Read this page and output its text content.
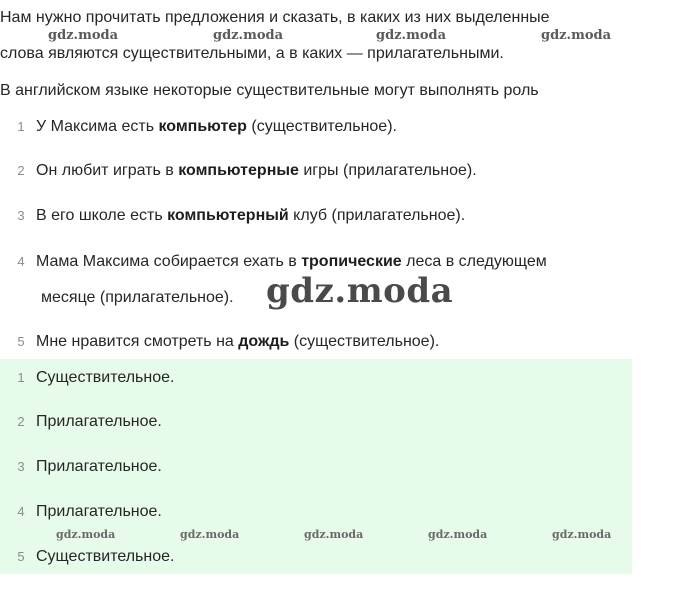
Нам нужно прочитать предложения и сказать, в каких из них выделенные
слова являются существительными, а в каких — прилагательными.
В английском языке некоторые существительные могут выполнять роль
gdz.moda	gdz.moda	gdz.moda	gdz.moda
1 У Максима есть компьютер (существительное).
2 Он любит играть в компьютерные игры (прилагательное).
3 В его школе есть компьютерный клуб (прилагательное).
4 Мама Максима собирается ехать в тропические леса в следующем
месяце (прилагательное).
5 Мне нравится смотреть на дождь (существительное).
gdz.moda
1 Существительное.
2 Прилагательное.
3 Прилагательное.
4 Прилагательное.
5 Существительное.
gdz.moda	gdz.moda	gdz.moda	gdz.moda	gdz.moda
